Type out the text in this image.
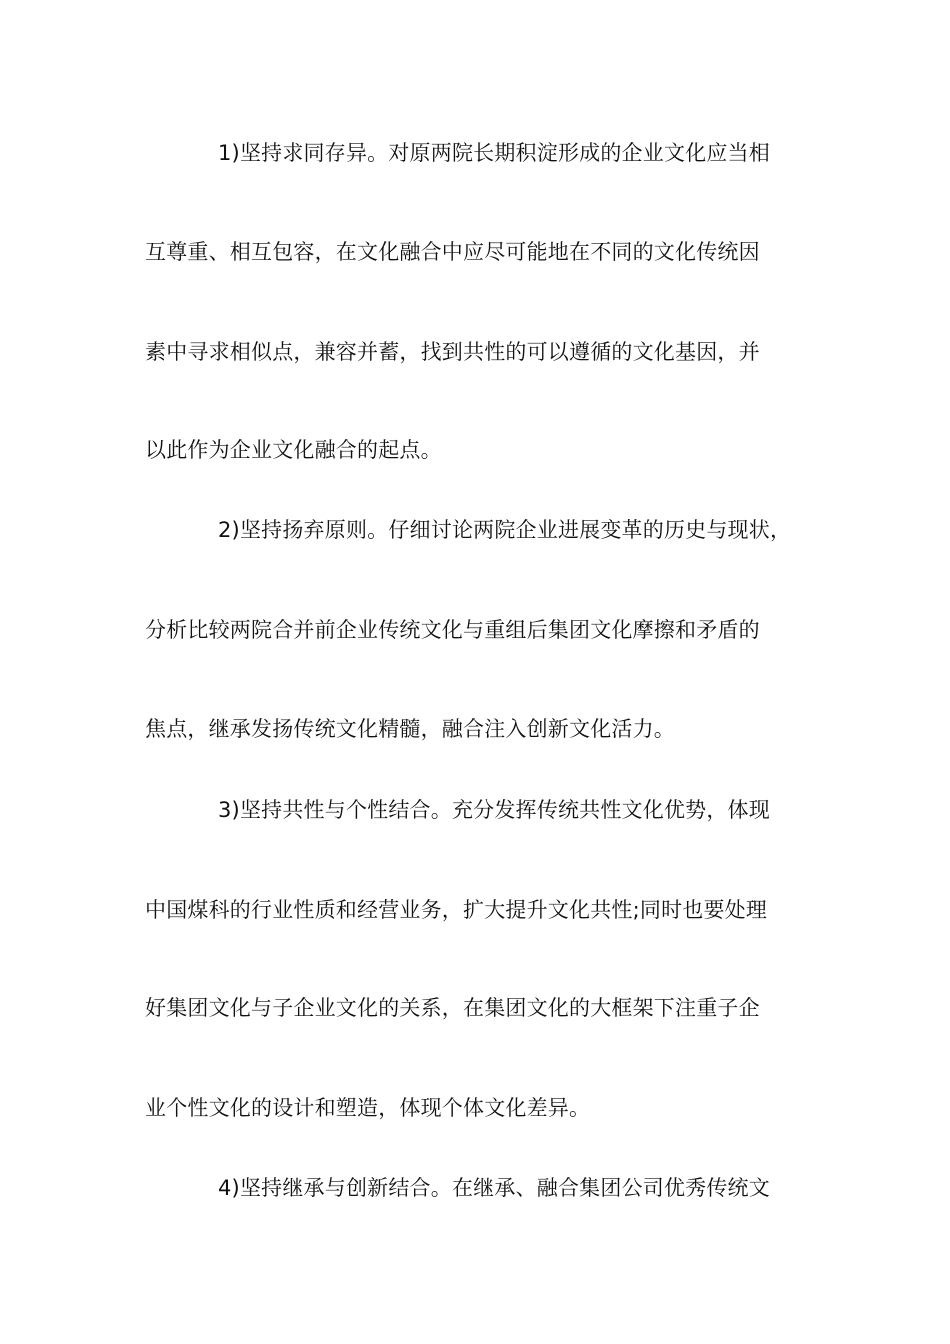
1)坚持求同存异。对原两院长期积淀形成的企业文化应当相
互尊重、相互包容，在文化融合中应尽可能地在不同的文化传统因
素中寻求相似点，兼容并蓄，找到共性的可以遵循的文化基因，并
以此作为企业文化融合的起点。
2)坚持扬弃原则。仔细讨论两院企业进展变革的历史与现状，
分析比较两院合并前企业传统文化与重组后集团文化摩擦和矛盾的
焦点，继承发扬传统文化精髓，融合注入创新文化活力。
3)坚持共性与个性结合。充分发挥传统共性文化优势，体现
中国煤科的行业性质和经营业务，扩大提升文化共性;同时也要处理
好集团文化与子企业文化的关系，在集团文化的大框架下注重子企
业个性文化的设计和塑造，体现个体文化差异。
4)坚持继承与创新结合。在继承、融合集团公司优秀传统文
